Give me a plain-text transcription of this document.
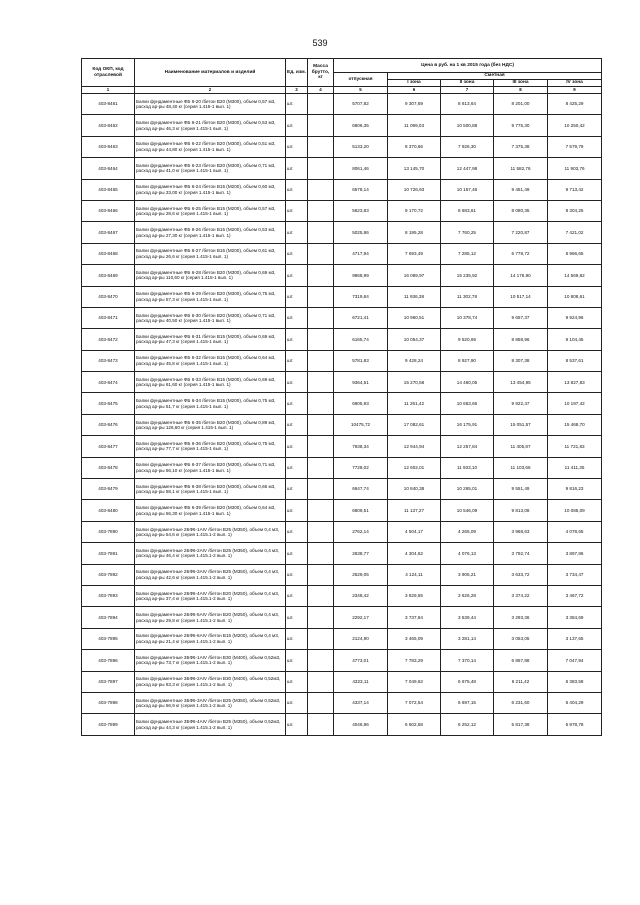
539
Код ОКП, код отраслевой	Наименование материалов и изделий	Ед. изм.	Масса брутто, кг	Цена в руб. на 1 кв 2015 года (без НДС)				
				отпускная	Сметная			
					I зона	II зона	III зона	IV зона
1	2	3	4	5	6	7	8	9
403-8461	Балки фундаментные ФБ 6-20 /бетон В20 (М300), объем 0,57 м3, расход ар-ры 48,40 кг (серия 1.415-1 вып. 1)	шт.		5707,82	9 307,69	8 613,64	8 201,00	8 425,29
403-8462	Балки фундаментные ФБ 6-21 /бетон В20 (М300), объем 0,53 м3, расход ар-ры 46,3 кг (серия 1.415-1 вып. 1)	шт.		6806,35	11 099,03	10 500,88	9 775,30	10 250,42
403-8463	Балки фундаментные ФБ 6-22 /бетон В20 (М300), объем 0,51 м3, расход ар-ры 44,80 кг (серия 1.415-1 вып. 1)	шт.		5133,20	8 370,66	7 926,30	7 375,38	7 579,79
403-8464	Балки фундаментные ФБ 6-23 /бетон В20 (М300), объем 0,71 м3, расход ар-ры 41,0 кг (серия 1.415-1 вып. 1)	шт.		8061,46	13 145,70	12 447,98	11 582,76	11 903,76
403-8465	Балки фундаментные ФБ 6-24 /бетон В15 (М200), объем 0,60 м3, расход ар-ры 33,00 кг (серия 1.415-1 вып. 1)	шт.		6578,14	10 726,93	10 157,46	9 451,49	9 713,42
403-8466	Балки фундаментные ФБ 6-25 /бетон В15 (М200), объем 0,57 м3, расход ар-ры 28,6 кг (серия 1.415-1 вып. 1)	шт.		5623,83	9 170,72	8 683,61	8 080,35	8 304,25
403-8467	Балки фундаментные ФБ 6-26 /бетон В15 (М200), объем 0,53 м3, расход ар-ры 27,30 кг (серия 1.415-1 вып. 1)	шт.		5025,86	8 195,28	7 760,25	7 220,87	7 421,02
403-8468	Балки фундаментные ФБ 6-27 /бетон В15 (М200), объем 0,61 м3, расход ар-ры 26,6 кг (серия 1.415-1 вып. 1)	шт.		4717,94	7 693,49	7 285,12	6 778,72	6 966,65
403-8469	Балки фундаментные ФБ 6-28 /бетон В20 (М300), объем 0,69 м3, расход ар-ры 110,60 кг (серия 1.415-1 вып. 1)	шт.		9868,99	16 089,97	15 235,92	14 176,90	14 569,82
403-8470	Балки фундаментные ФБ 6-29 /бетон В20 (М300), объем 0,75 м3, расход ар-ры 57,3 кг (серия 1.415-1 вып. 1)	шт.		7319,84	11 936,38	11 302,78	10 517,14	10 808,61
403-8471	Балки фундаментные ФБ 6-30 /бетон В20 (М300), объем 0,71 м3, расход ар-ры 40,50 кг (серия 1.415-1 вып. 1)	шт.		6721,41	10 960,51	10 378,74	9 657,37	9 924,96
403-8472	Балки фундаментные ФБ 6-31 /бетон В15 (М200), объем 0,69 м3, расход ар-ры 47,3 кг (серия 1.415-1 вып. 1)	шт.		6165,74	10 054,37	9 520,69	8 858,96	9 104,45
403-8473	Балки фундаментные ФБ 6-32 /бетон В15 (М200), объем 0,64 м3, расход ар-ры 45,8 кг (серия 1.415-1 вып. 1)	шт.		5781,83	9 428,24	8 927,90	8 307,38	8 537,61
403-8474	Балки фундаментные ФБ 6-33 /бетон В15 (М200), объем 0,69 м3, расход ар-ры 61,60 кг (серия 1.415-1 вып. 1)	шт.		9364,51	15 270,58	14 460,05	13 454,95	13 827,83
403-8475	Балки фундаментные ФБ 6-34 /бетон В15 (М200), объем 0,75 м3, расход ар-ры 51,7 кг (серия 1.415-1 вып. 1)	шт.		6905,93	11 261,42	10 663,66	9 922,47	10 197,42
403-8476	Балки фундаментные ФБ 6-35 /бетон В20 (М300), объем 0,89 м3, расход ар-ры 126,60 кг (серия 1.415-1 вып. 1)	шт.		10475,72	17 082,61	16 175,91	15 051,57	15 468,70
403-8477	Балки фундаментные ФБ 6-36 /бетон В20 (М300), объем 0,75 м3, расход ар-ры 77,7 кг (серия 1.415-1 вып. 1)	шт.		7938,34	12 944,94	12 257,84	11 405,87	11 721,83
403-8478	Балки фундаментные ФБ 6-37 /бетон В20 (М300), объем 0,71 м3, расход ар-ры 56,10 кг (серия 1.415-1 вып. 1)	шт.		7728,02	12 602,01	11 933,10	11 103,66	11 411,35
403-8479	Балки фундаментные ФБ 6-38 /бетон В20 (М300), объем 0,66 м3, расход ар-ры 58,1 кг (серия 1.415-1 вып. 1)	шт.		6647,74	10 840,38	10 265,01	9 551,49	9 816,23
403-8480	Балки фундаментные ФБ 6-39 /бетон В20 (М300), объем 0,64 м3, расход ар-ры 56,30 кг (серия 1.415-1 вып. 1)	шт.		6809,51	11 137,27	10 546,09	9 813,08	10 085,09
403-7890	Балки фундаментные 2БФ6-1АIV /бетон В25 (М350), объем 0,4 м3, расход ар-ры 54,6 кг (серия 1.415.1-2 вып. 1)	шт.		2762,14	4 504,17	4 265,09	3 968,63	4 078,65
403-7891	Балки фундаментные 2БФ6-2АIV /бетон В25 (М350), объем 0,4 м3, расход ар-ры 46,4 кг (серия 1.415.1-2 вып. 1)	шт.		2638,77	4 304,62	4 076,13	3 792,74	3 897,86
403-7892	Балки фундаментные 2БФ6-3АIV /бетон В25 (М350), объем 0,4 м3, расход ар-ры 42,6 кг (серия 1.415.1-2 вып. 1)	шт.		2529,05	4 124,11	3 905,21	3 633,72	3 734,47
403-7893	Балки фундаментные 2БФ6-4АIV /бетон В20 (М250), объем 0,4 м3, расход ар-ры 37,4 кг (серия 1.415.1-2 вып. 1)	шт.		2348,42	3 829,55	3 626,28	3 374,22	3 467,72
403-7894	Балки фундаментные 2БФ6-5АIV /бетон В20 (М250), объем 0,4 м3, расход ар-ры 29,8 кг (серия 1.415.1-2 вып. 1)	шт.		2292,17	3 737,84	3 539,44	3 293,36	3 384,69
403-7895	Балки фундаментные 2БФ6-6АIV /бетон В15 (М200), объем 0,4 м3, расход ар-ры 21,4 кг (серия 1.415.1-2 вып. 1)	шт.		2124,90	3 465,09	3 281,14	3 053,05	3 137,65
403-7896	Балки фундаментные 3БФ6-1АIV /бетон В30 (М400), объем 0,52м3, расход ар-ры 73,7 кг (серия 1.415.1-2 вып. 1)	шт.		4773,01	7 783,29	7 370,14	6 857,88	7 047,94
403-7897	Балки фундаментные 3БФ6-2АIV /бетон В30 (М400), объем 0,52м3, расход ар-ры 63,3 кг (серия 1.415.1-2 вып. 1)	шт.		4323,11	7 049,62	6 675,48	6 211,42	6 383,58
403-7898	Балки фундаментные 3БФ6-3АIV /бетон В25 (М350), объем 0,52м3, расход ар-ры 56,9 кг (серия 1.415.1-2 вып. 1)	шт.		4337,14	7 072,54	6 697,15	6 231,60	6 404,29
403-7899	Балки фундаментные 3БФ6-4АIV /бетон В25 (М350), объем 0,52м3, расход ар-ры 44,3 кг (серия 1.415.1-2 вып. 1)	шт.		4046,96	6 602,58	6 252,12	5 817,38	5 978,78
